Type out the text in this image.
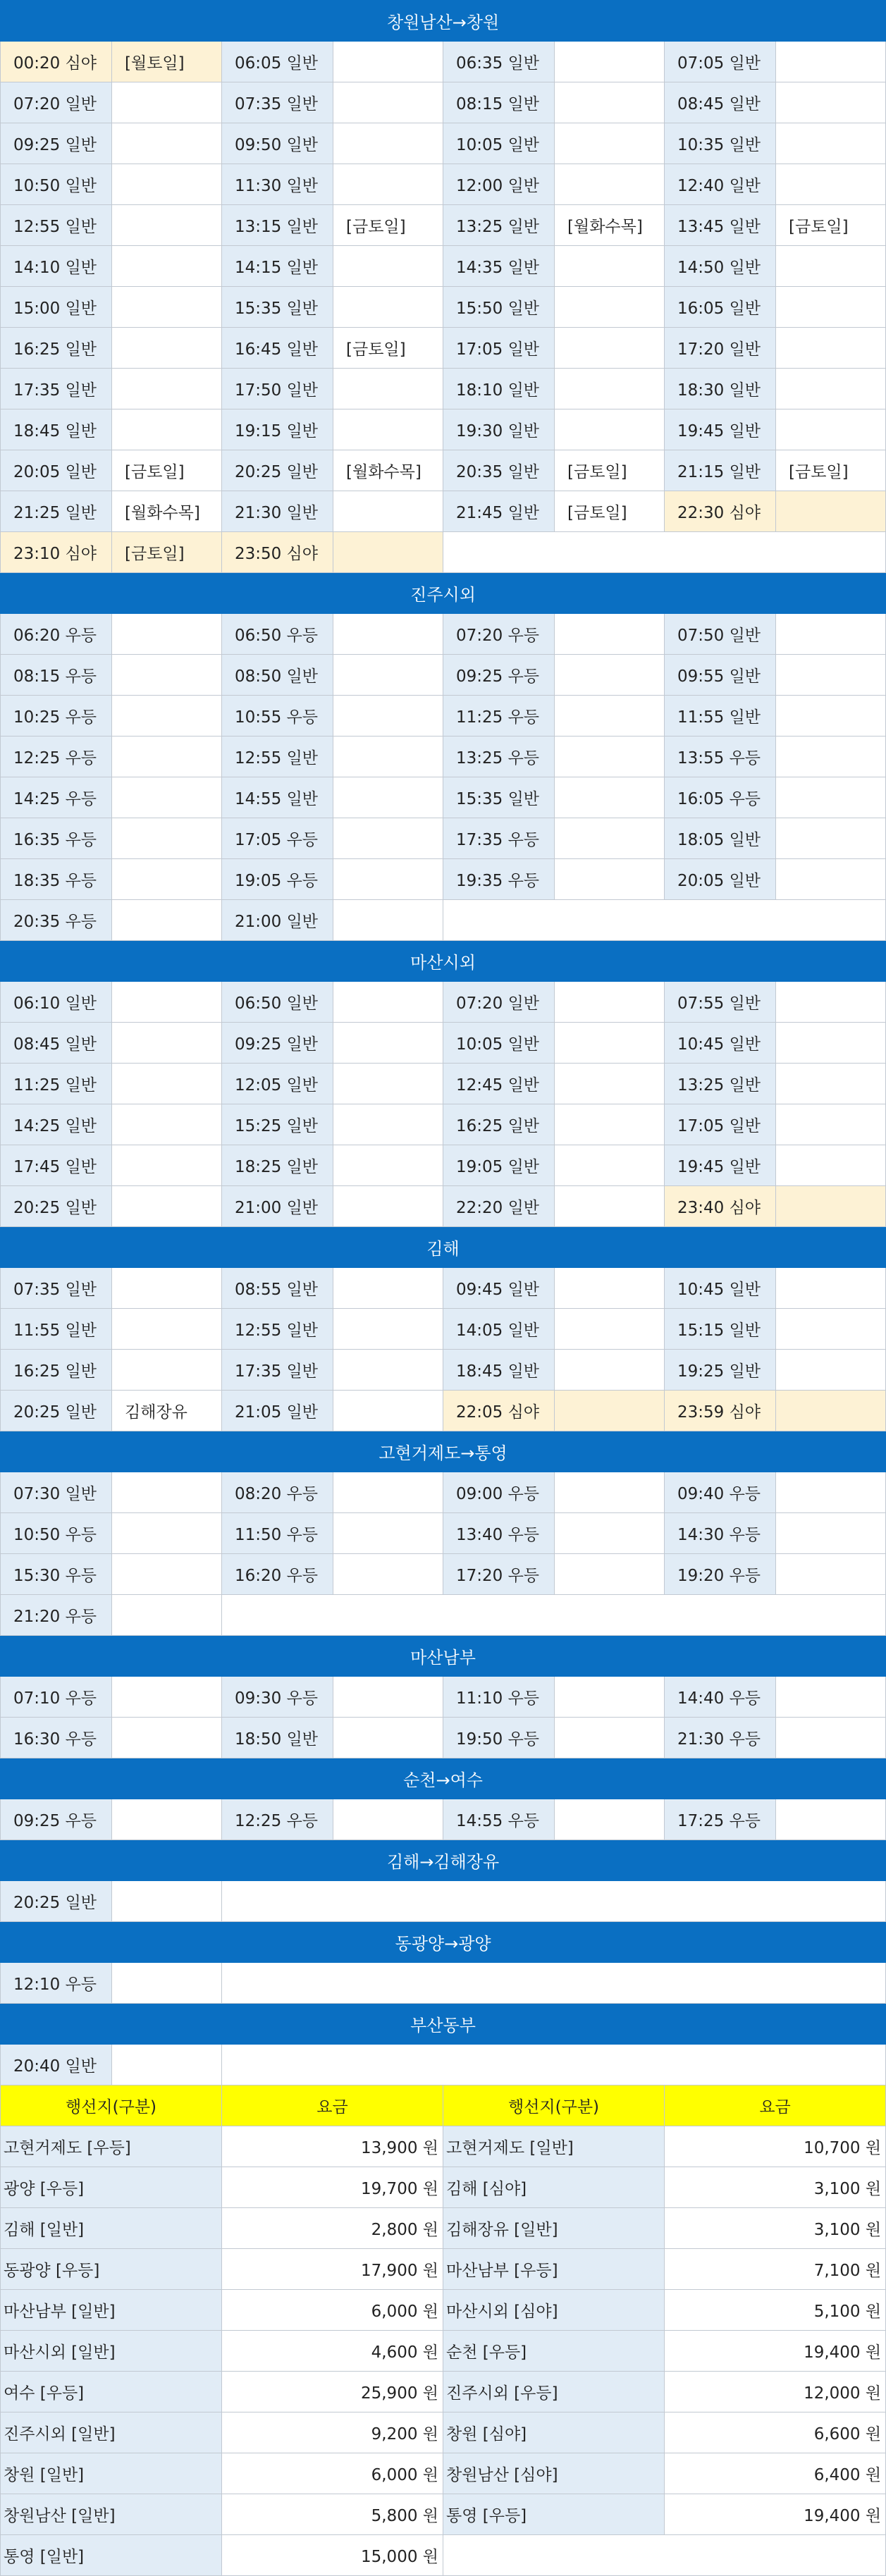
창원남산→창원							
00:20 심야	[월토일]	06:05 일반		06:35 일반		07:05 일반	
07:20 일반		07:35 일반		08:15 일반		08:45 일반	
09:25 일반		09:50 일반		10:05 일반		10:35 일반	
10:50 일반		11:30 일반		12:00 일반		12:40 일반	
12:55 일반		13:15 일반	[금토일]	13:25 일반	[월화수목]	13:45 일반	[금토일]
14:10 일반		14:15 일반		14:35 일반		14:50 일반	
15:00 일반		15:35 일반		15:50 일반		16:05 일반	
16:25 일반		16:45 일반	[금토일]	17:05 일반		17:20 일반	
17:35 일반		17:50 일반		18:10 일반		18:30 일반	
18:45 일반		19:15 일반		19:30 일반		19:45 일반	
20:05 일반	[금토일]	20:25 일반	[월화수목]	20:35 일반	[금토일]	21:15 일반	[금토일]
21:25 일반	[월화수목]	21:30 일반		21:45 일반	[금토일]	22:30 심야	
23:10 심야	[금토일]	23:50 심야					
진주시외							
06:20 우등		06:50 우등		07:20 우등		07:50 일반	
08:15 우등		08:50 일반		09:25 우등		09:55 일반	
10:25 우등		10:55 우등		11:25 우등		11:55 일반	
12:25 우등		12:55 일반		13:25 우등		13:55 우등	
14:25 우등		14:55 일반		15:35 일반		16:05 우등	
16:35 우등		17:05 우등		17:35 우등		18:05 일반	
18:35 우등		19:05 우등		19:35 우등		20:05 일반	
20:35 우등		21:00 일반					
마산시외							
06:10 일반		06:50 일반		07:20 일반		07:55 일반	
08:45 일반		09:25 일반		10:05 일반		10:45 일반	
11:25 일반		12:05 일반		12:45 일반		13:25 일반	
14:25 일반		15:25 일반		16:25 일반		17:05 일반	
17:45 일반		18:25 일반		19:05 일반		19:45 일반	
20:25 일반		21:00 일반		22:20 일반		23:40 심야	
김해							
07:35 일반		08:55 일반		09:45 일반		10:45 일반	
11:55 일반		12:55 일반		14:05 일반		15:15 일반	
16:25 일반		17:35 일반		18:45 일반		19:25 일반	
20:25 일반	김해장유	21:05 일반		22:05 심야		23:59 심야	
고현거제도→통영							
07:30 일반		08:20 우등		09:00 우등		09:40 우등	
10:50 우등		11:50 우등		13:40 우등		14:30 우등	
15:30 우등		16:20 우등		17:20 우등		19:20 우등	
21:20 우등							
마산남부							
07:10 우등		09:30 우등		11:10 우등		14:40 우등	
16:30 우등		18:50 일반		19:50 우등		21:30 우등	
순천→여수							
09:25 우등		12:25 우등		14:55 우등		17:25 우등	
김해→김해장유							
20:25 일반							
동광양→광양							
12:10 우등							
부산동부							
20:40 일반							
행선지(구분)		요금		행선지(구분)		요금	
고현거제도 [우등]		13,900 원		고현거제도 [일반]		10,700 원	
광양 [우등]		19,700 원		김해 [심야]		3,100 원	
김해 [일반]		2,800 원		김해장유 [일반]		3,100 원	
동광양 [우등]		17,900 원		마산남부 [우등]		7,100 원	
마산남부 [일반]		6,000 원		마산시외 [심야]		5,100 원	
마산시외 [일반]		4,600 원		순천 [우등]		19,400 원	
여수 [우등]		25,900 원		진주시외 [우등]		12,000 원	
진주시외 [일반]		9,200 원		창원 [심야]		6,600 원	
창원 [일반]		6,000 원		창원남산 [심야]		6,400 원	
창원남산 [일반]		5,800 원		통영 [우등]		19,400 원	
통영 [일반]		15,000 원					
